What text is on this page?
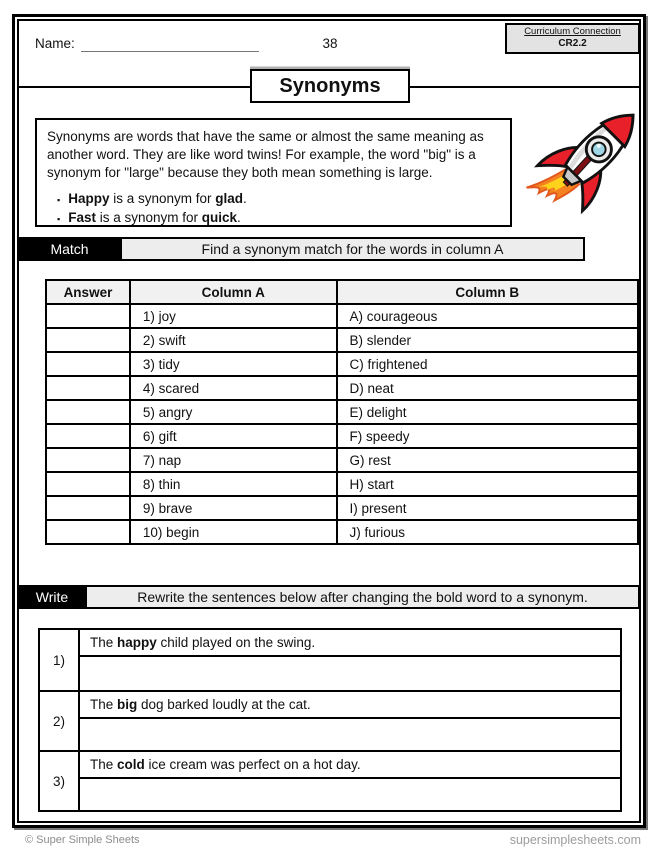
Name:	38
Curriculum Connection
CR2.2
Synonyms
Synonyms are words that have the same or almost the same meaning as another word. They are like word twins! For example, the word "big" is a synonym for "large" because they both mean something is large.
▪ Happy is a synonym for glad.
▪ Fast is a synonym for quick.
Match	Find a synonym match for the words in column A
Answer	Column A	Column B
	1) joy	A) courageous
	2) swift	B) slender
	3) tidy	C) frightened
	4) scared	D) neat
	5) angry	E) delight
	6) gift	F) speedy
	7) nap	G) rest
	8) thin	H) start
	9) brave	I) present
	10) begin	J) furious
Write	Rewrite the sentences below after changing the bold word to a synonym.
1)
The happy child played on the swing.
2)
The big dog barked loudly at the cat.
3)
The cold ice cream was perfect on a hot day.
© Super Simple Sheets	supersimplesheets.com
